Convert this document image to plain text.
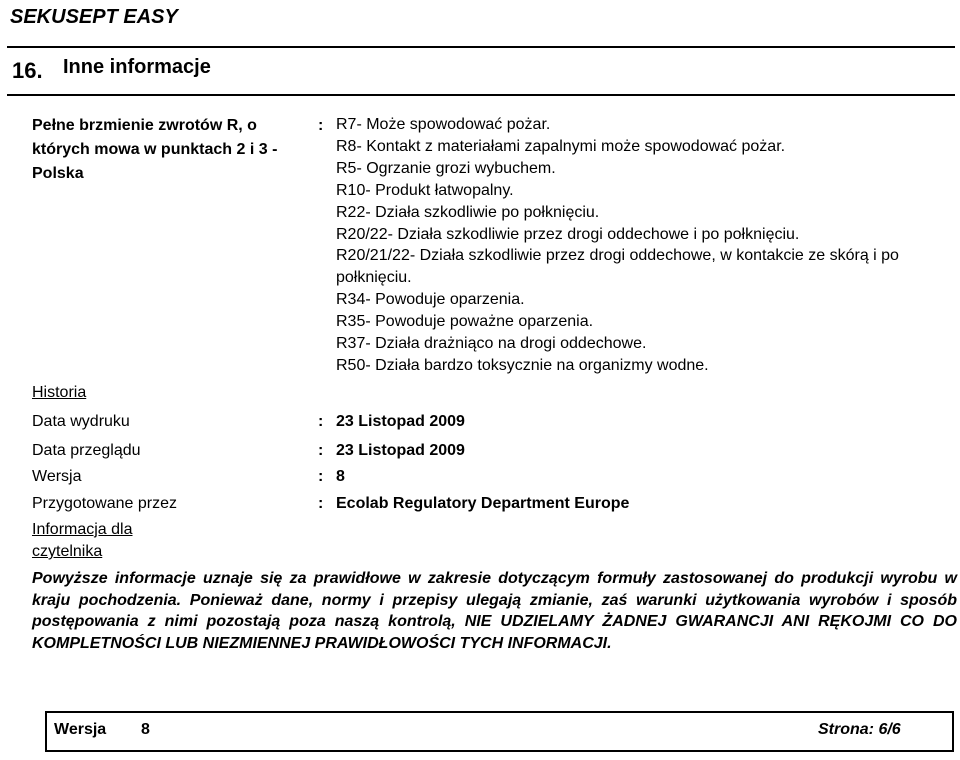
SEKUSEPT EASY
16. Inne informacje
Pełne brzmienie zwrotów R, o których mowa w punktach 2 i 3 - Polska
: R7- Może spowodować pożar.
R8- Kontakt z materiałami zapalnymi może spowodować pożar.
R5- Ogrzanie grozi wybuchem.
R10- Produkt łatwopalny.
R22- Działa szkodliwie po połknięciu.
R20/22- Działa szkodliwie przez drogi oddechowe i po połknięciu.
R20/21/22- Działa szkodliwie przez drogi oddechowe, w kontakcie ze skórą i po połknięciu.
R34- Powoduje oparzenia.
R35- Powoduje poważne oparzenia.
R37- Działa drażniąco na drogi oddechowe.
R50- Działa bardzo toksycznie na organizmy wodne.
Historia
Data wydruku	: 23 Listopad 2009
Data przeglądu	: 23 Listopad 2009
Wersja	: 8
Przygotowane przez	: Ecolab Regulatory Department Europe
Informacja dla czytelnika
Powyższe informacje uznaje się za prawidłowe w zakresie dotyczącym formuły zastosowanej do produkcji wyrobu w kraju pochodzenia. Ponieważ dane, normy i przepisy ulegają zmianie, zaś warunki użytkowania wyrobów i sposób postępowania z nimi pozostają poza naszą kontrolą, NIE UDZIELAMY ŻADNEJ GWARANCJI ANI RĘKOJMI CO DO KOMPLETNOŚCI LUB NIEZMIENNEJ PRAWIDŁOWOŚCI TYCH INFORMACJI.
Wersja 8	Strona: 6/6
